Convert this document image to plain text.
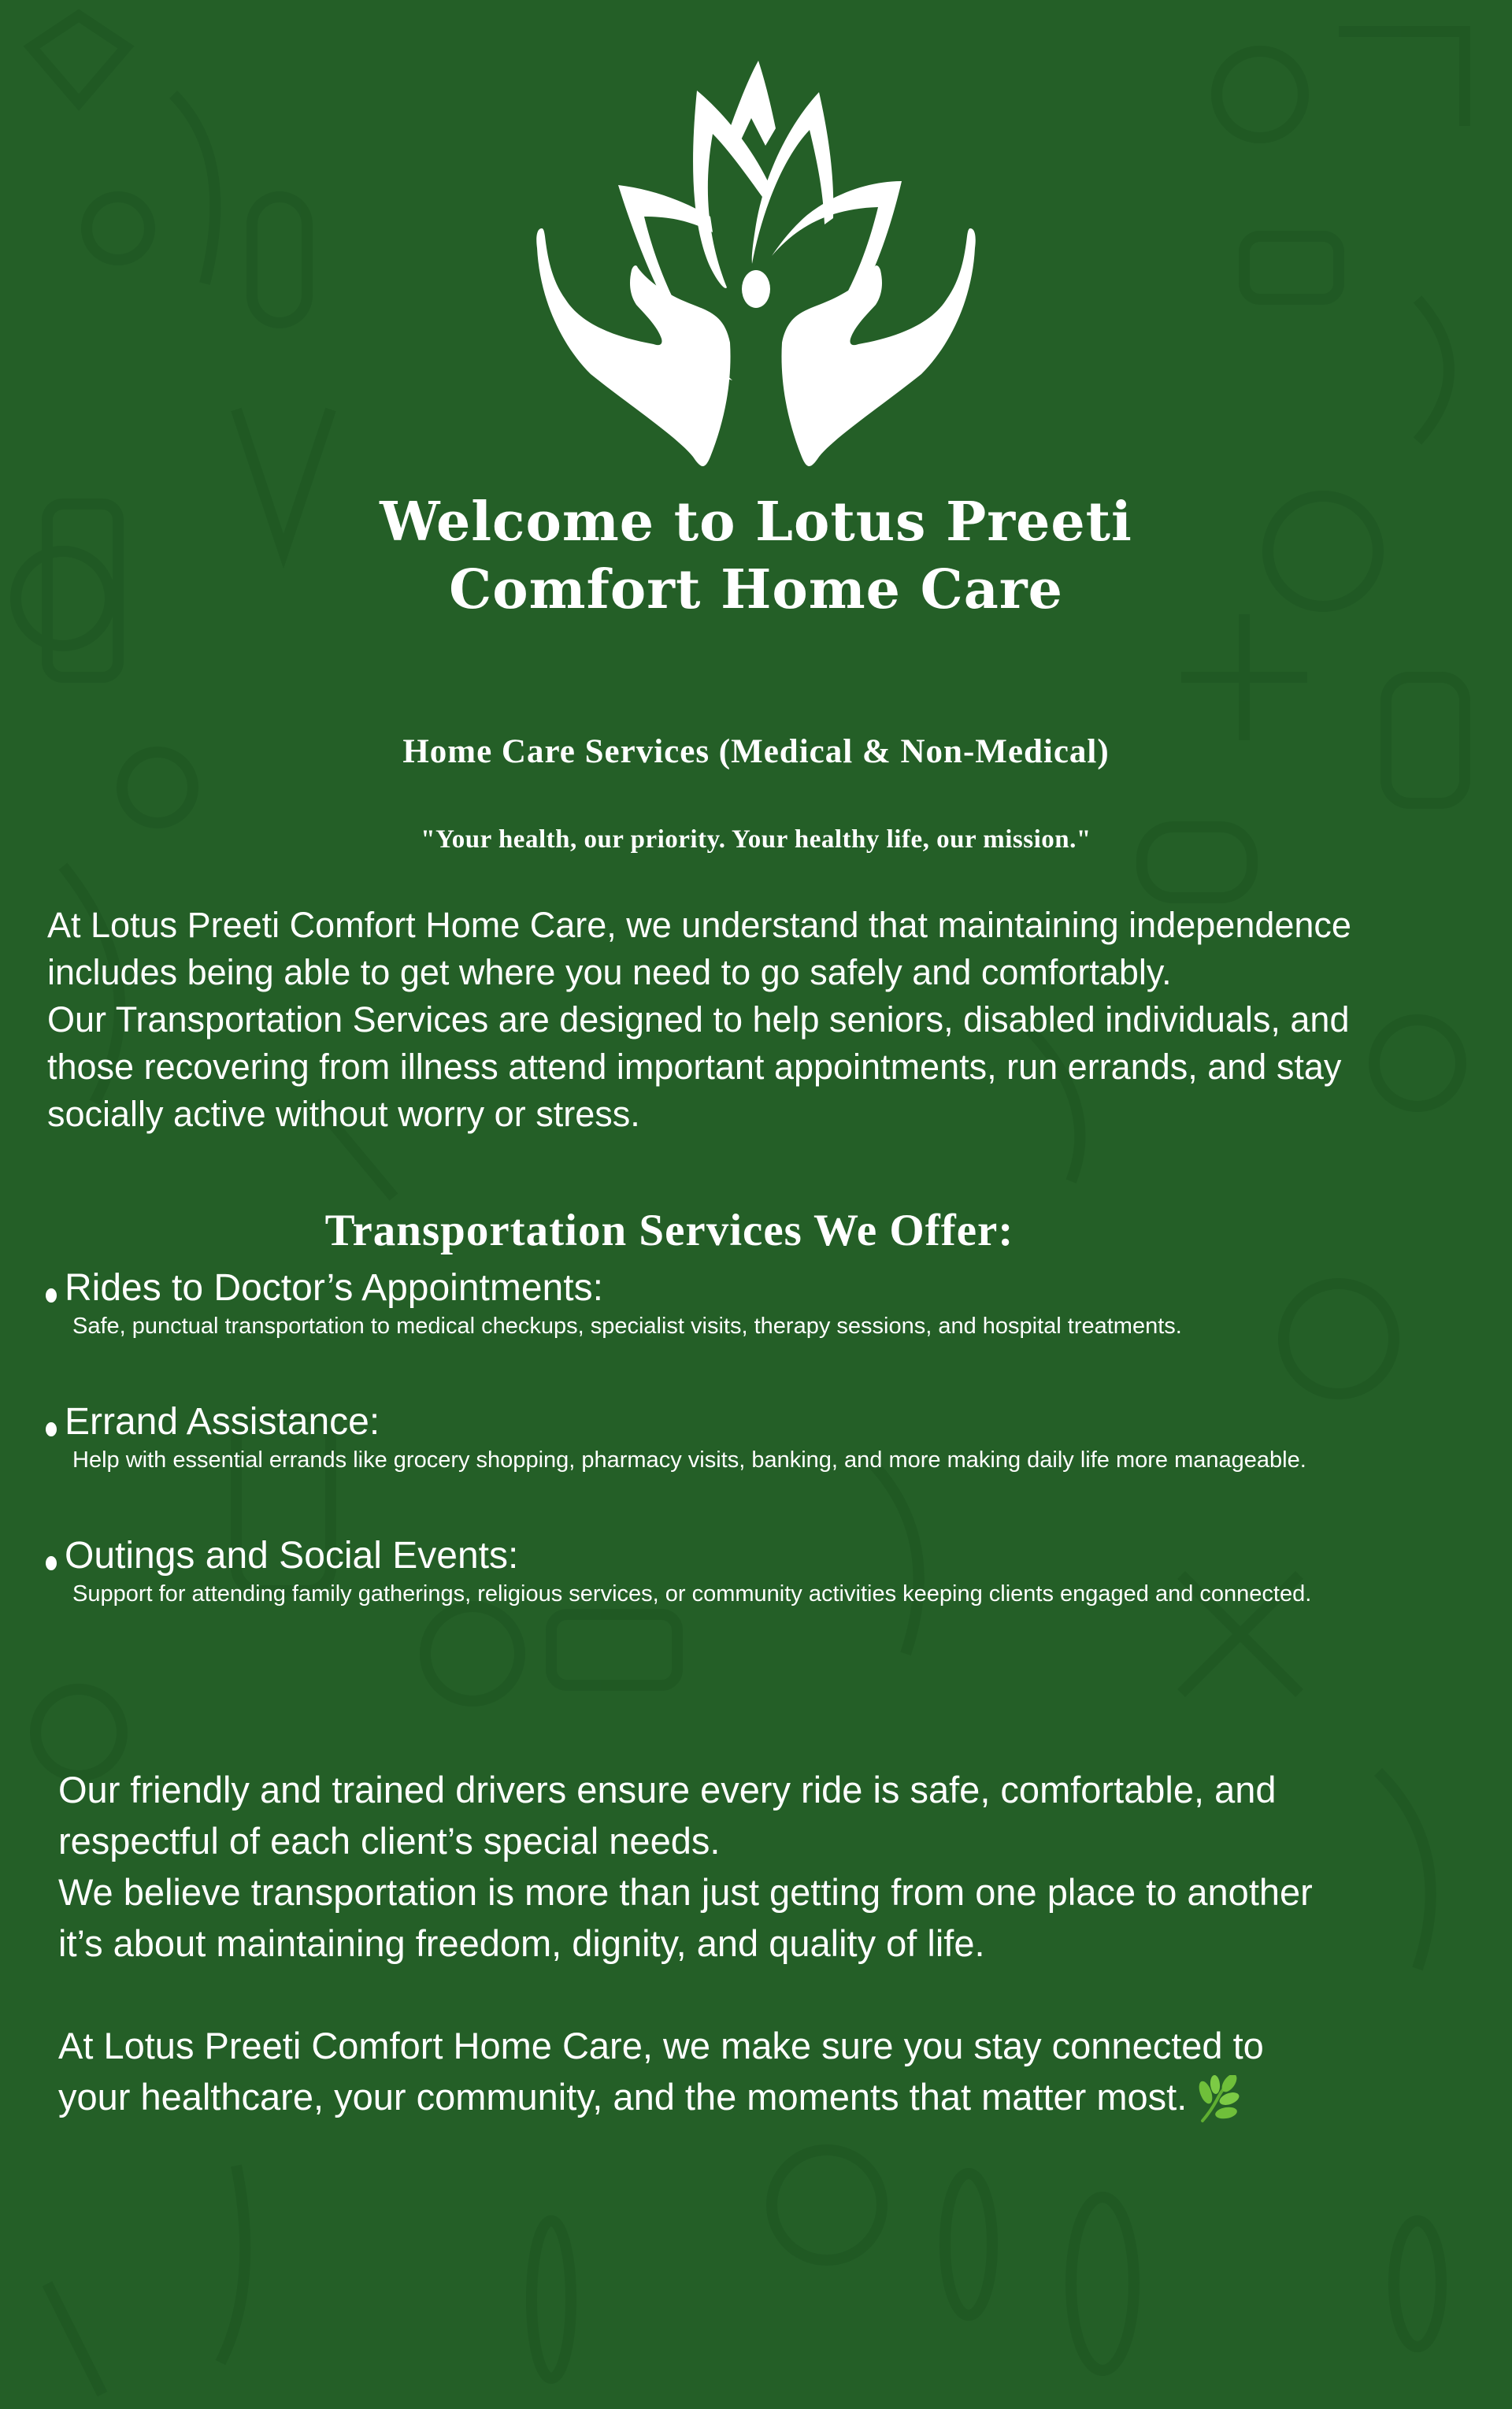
Welcome to Lotus Preeti
Comfort Home Care
Home Care Services (Medical & Non-Medical)
"Your health, our priority. Your healthy life, our mission."

At Lotus Preeti Comfort Home Care, we understand that maintaining independence

includes being able to get where you need to go safely and comfortably.

Our Transportation Services are designed to help seniors, disabled individuals, and

those recovering from illness attend important appointments, run errands, and stay

socially active without worry or stress.

Transportation Services We Offer:
Rides to Doctor’s Appointments:
Safe, punctual transportation to medical checkups, specialist visits, therapy sessions, and hospital treatments.
Errand Assistance:
Help with essential errands like grocery shopping, pharmacy visits, banking, and more making daily life more manageable.
Outings and Social Events:
Support for attending family gatherings, religious services, or community activities keeping clients engaged and connected.

Our friendly and trained drivers ensure every ride is safe, comfortable, and

respectful of each client’s special needs.

We believe transportation is more than just getting from one place to another

it’s about maintaining freedom, dignity, and quality of life.

At Lotus Preeti Comfort Home Care, we make sure you stay connected to

your healthcare, your community, and the moments that matter most.
